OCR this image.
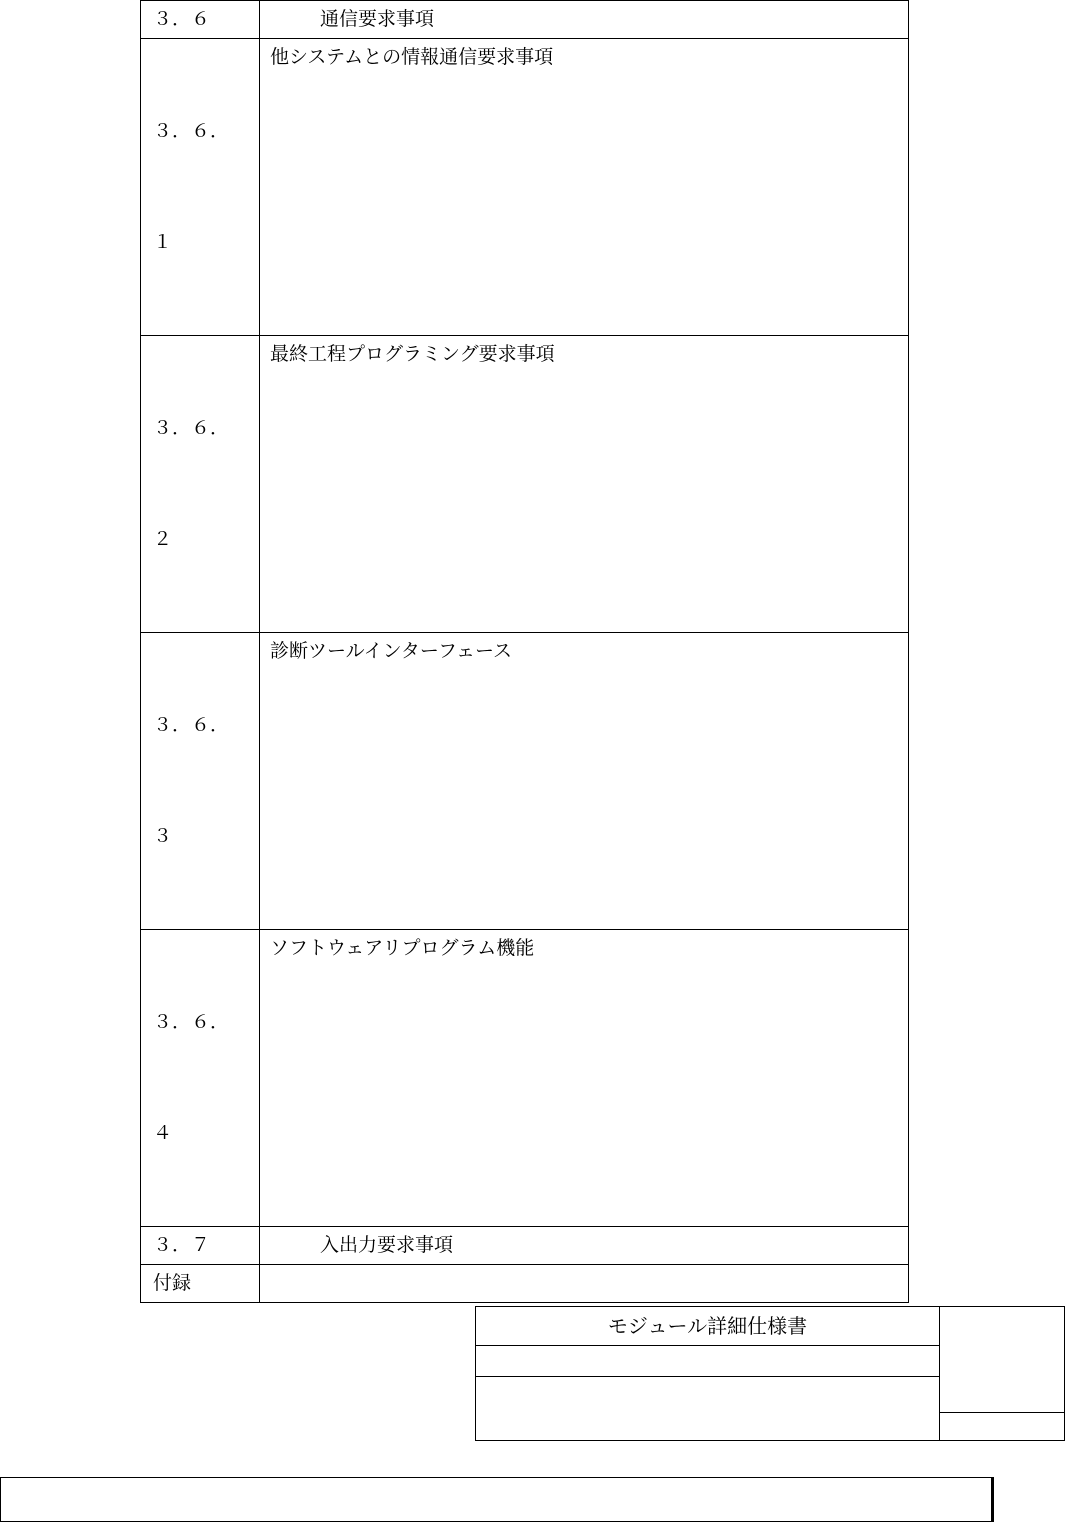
３．６	通信要求事項

３．６．

１	他システムとの情報通信要求事項

３．６．

２	最終工程プログラミング要求事項

３．６．

３	診断ツールインターフェース

３．６．

４	ソフトウェアリプログラム機能
３．７	入出力要求事項
付録	
モジュール詳細仕様書
